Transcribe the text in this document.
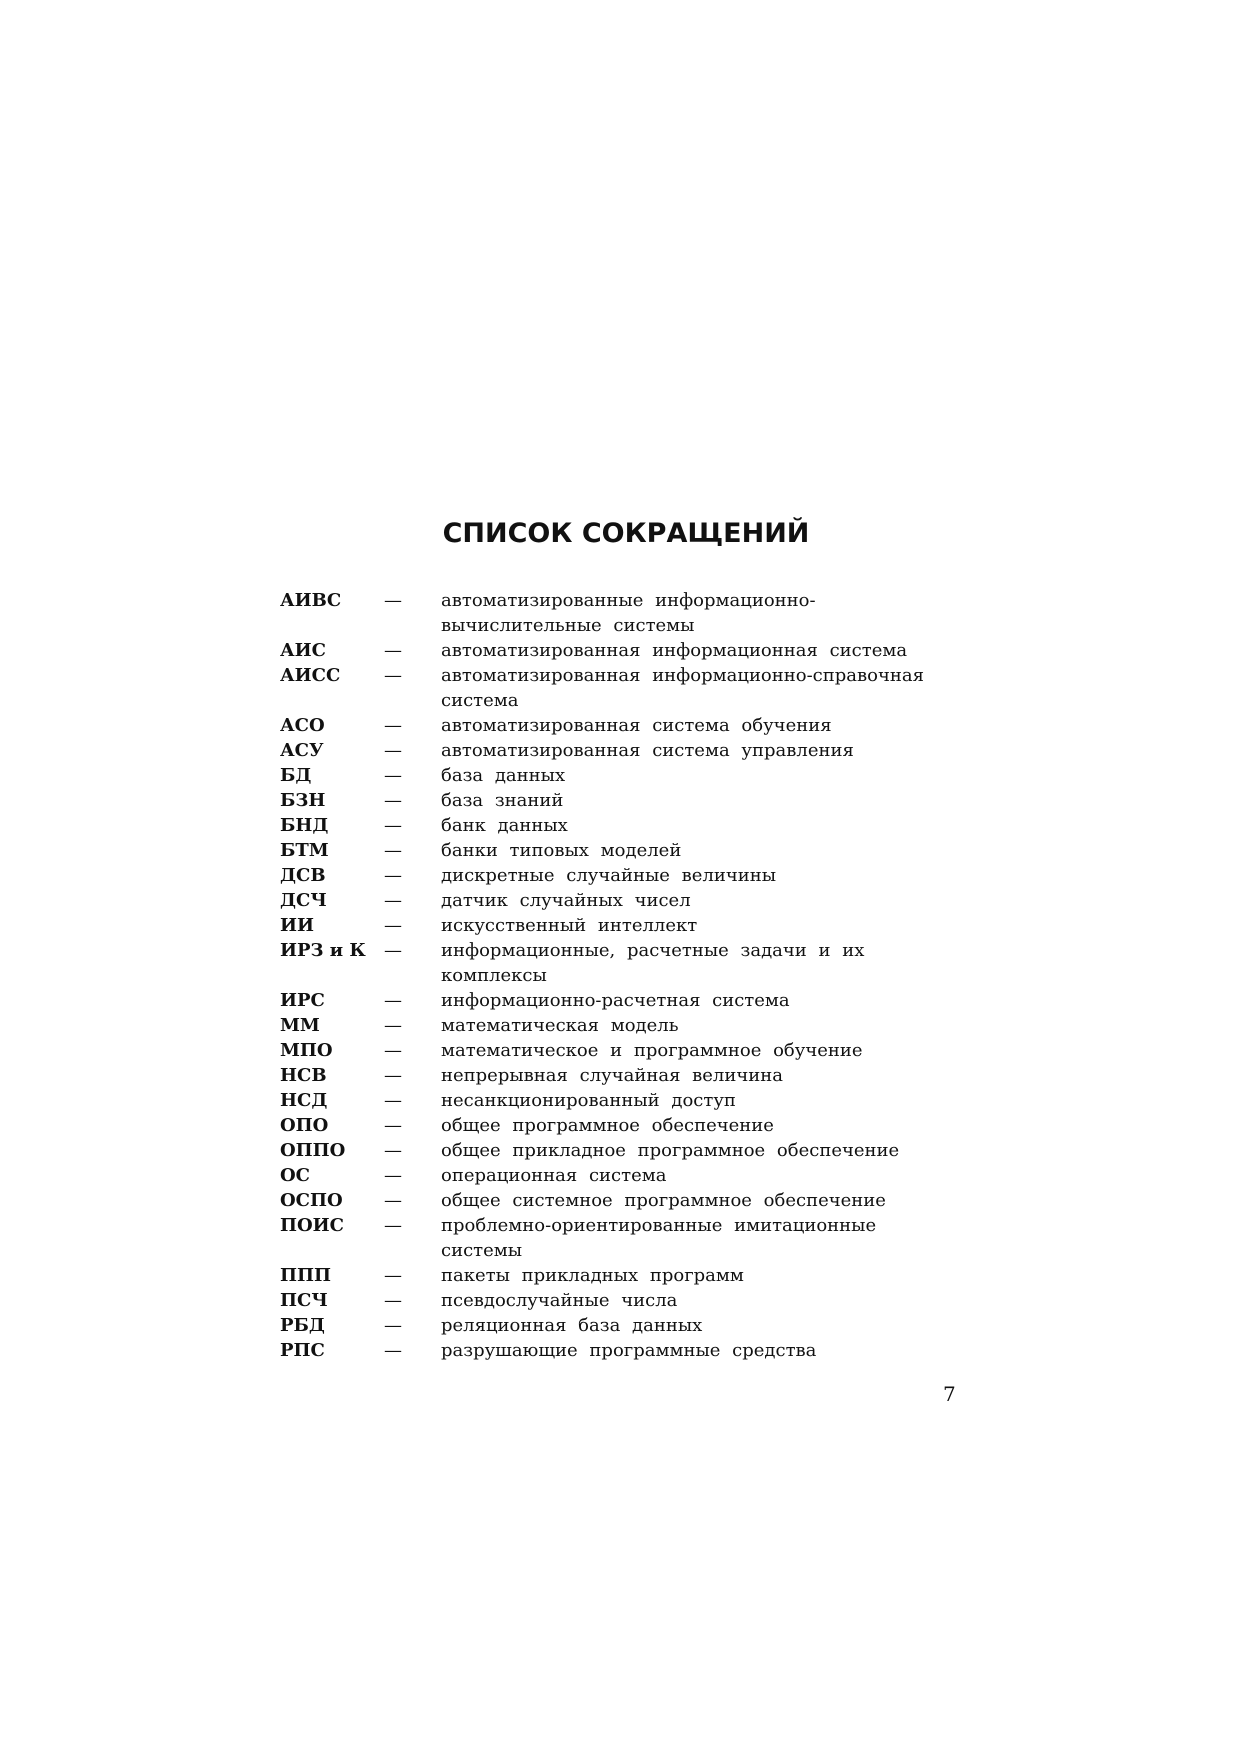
СПИСОК СОКРАЩЕНИЙ
АИВС	—	автоматизированные информационно-вычислительные системы
АИС	—	автоматизированная информационная система
АИСС	—	автоматизированная информационно-справочная система
АСО	—	автоматизированная система обучения
АСУ	—	автоматизированная система управления
БД	—	база данных
БЗН	—	база знаний
БНД	—	банк данных
БТМ	—	банки типовых моделей
ДСВ	—	дискретные случайные величины
ДСЧ	—	датчик случайных чисел
ИИ	—	искусственный интеллект
ИРЗ и К	—	информационные, расчетные задачи и их комплексы
ИРС	—	информационно-расчетная система
ММ	—	математическая модель
МПО	—	математическое и программное обучение
НСВ	—	непрерывная случайная величина
НСД	—	несанкционированный доступ
ОПО	—	общее программное обеспечение
ОППО	—	общее прикладное программное обеспечение
ОС	—	операционная система
ОСПО	—	общее системное программное обеспечение
ПОИС	—	проблемно-ориентированные имитационные системы
ППП	—	пакеты прикладных программ
ПСЧ	—	псевдослучайные числа
РБД	—	реляционная база данных
РПС	—	разрушающие программные средства
7
